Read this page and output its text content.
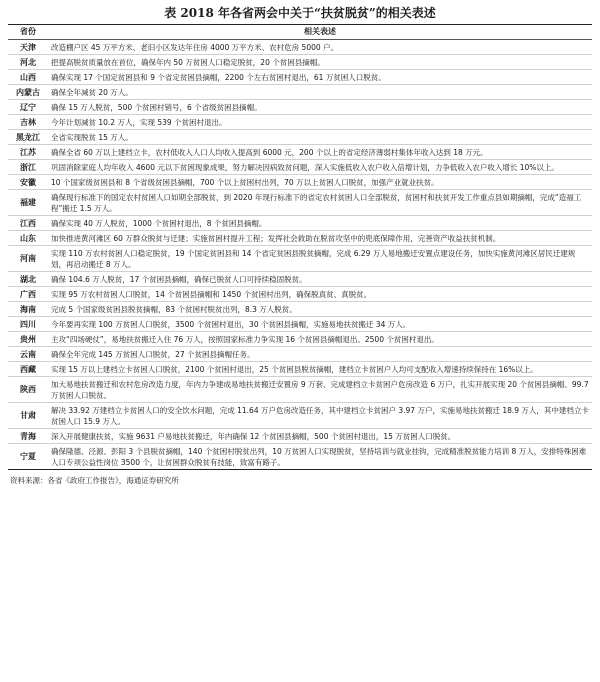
表 2018 年各省两会中关于“扶贫脱贫”的相关表述
省份	相关表述
天津	改造棚户区 45 万平方米、老旧小区发达年住房 4000 万平方米、农村危房 5000 户。
河北	把提高脱贫质量放在首位，确保年内 50 万贫困人口稳定脱贫，20 个贫困县摘帽。
山西	确保实现 17 个国定贫困县和 9 个省定贫困县摘帽，2200 个左右贫困村退出，61 万贫困人口脱贫。
内蒙古	确保全年减贫 20 万人。
辽宁	确保 15 万人脱贫，500 个贫困村销号，6 个省级贫困县摘帽。
吉林	今年计划减贫 10.2 万人，实现 539 个贫困村退出。
黑龙江	全省实现脱贫 15 万人。
江苏	确保全省 60 万以上建档立卡，农村低收入人口人均收入提高到 6000 元，200 个以上的省定经济薄弱村集体年收入达到 18 万元。
浙江	巩固消除家庭人均年收入 4600 元以下贫困现象成果，努力解决因病致贫问题，深入实施低收入农户收入倍增计划，力争低收入农户收入增长 10%以上。
安徽	10 个国家级贫困县和 8 个省级贫困县摘帽，700 个以上贫困村出列，70 万以上贫困人口脱贫，加强产业就业扶贫。
福建	确保现行标准下的国定农村贫困人口如期全部脱贫，到 2020 年现行标准下的省定农村贫困人口全部脱贫，贫困村和扶贫开发工作重点县如期摘帽，完成“造福工程”搬迁 1.5 万人。
江西	确保实现 40 万人脱贫，1000 个贫困村退出，8 个贫困县摘帽。
山东	加快推进黄河滩区 60 万群众脱贫与迁建；实施贫困村提升工程；发挥社会救助在脱贫攻坚中的兜底保障作用，完善资产收益扶贫机制。
河南	实现 110 万农村贫困人口稳定脱贫，19 个国定贫困县和 14 个省定贫困县脱贫摘帽，完成 6.29 万人易地搬迁安置点建设任务，加快实施黄河滩区居民迁建规划，再启动搬迁 8 万人。
湖北	确保 104.6 万人脱贫，17 个贫困县摘帽，确保已脱贫人口可持续稳固脱贫。
广西	实现 95 万农村贫困人口脱贫，14 个贫困县摘帽和 1450 个贫困村出列，确保脱真贫、真脱贫。
海南	完成 5 个国家级贫困县脱贫摘帽，83 个贫困村脱贫出列，8.3 万人脱贫。
四川	今年要再实现 100 万贫困人口脱贫，3500 个贫困村退出，30 个贫困县摘帽，实施易地扶贫搬迁 34 万人。
贵州	主攻“四场硬仗”，易地扶贫搬迁入住 76 万人，按照国家标准力争实现 16 个贫困县摘帽退出、2500 个贫困村退出。
云南	确保全年完成 145 万贫困人口脱贫，27 个贫困县摘帽任务。
西藏	实现 15 万以上建档立卡贫困人口脱贫，2100 个贫困村退出，25 个贫困县脱贫摘帽，建档立卡贫困户人均可支配收入增速持续保持在 16%以上。
陕西	加大易地扶贫搬迁和农村危房改造力度，年内力争建成易地扶贫搬迁安置房 9 万套、完成建档立卡贫困户危房改造 6 万户，扎实开展实现 20 个贫困县摘帽、99.7 万贫困人口脱贫。
甘肃	解决 33.92 万建档立卡贫困人口的安全饮水问题，完成 11.64 万户危房改造任务，其中建档立卡贫困户 3.97 万户，实施易地扶贫搬迁 18.9 万人，其中建档立卡贫困人口 15.9 万人。
青海	深入开展健康扶贫，实施 9631 户易地扶贫搬迁，年内确保 12 个贫困县摘帽，500 个贫困村退出，15 万贫困人口脱贫。
宁夏	确保隆德、泾源、彭阳 3 个县脱贫摘帽，140 个贫困村脱贫出列，10 万贫困人口实现脱贫，坚持培训与就业挂钩，完成精准脱贫能力培训 8 万人，安排特殊困难人口专项公益性岗位 3500 个，让贫困群众脱贫有技能，致富有路子。
资料来源：各省《政府工作报告》，海通证券研究所
